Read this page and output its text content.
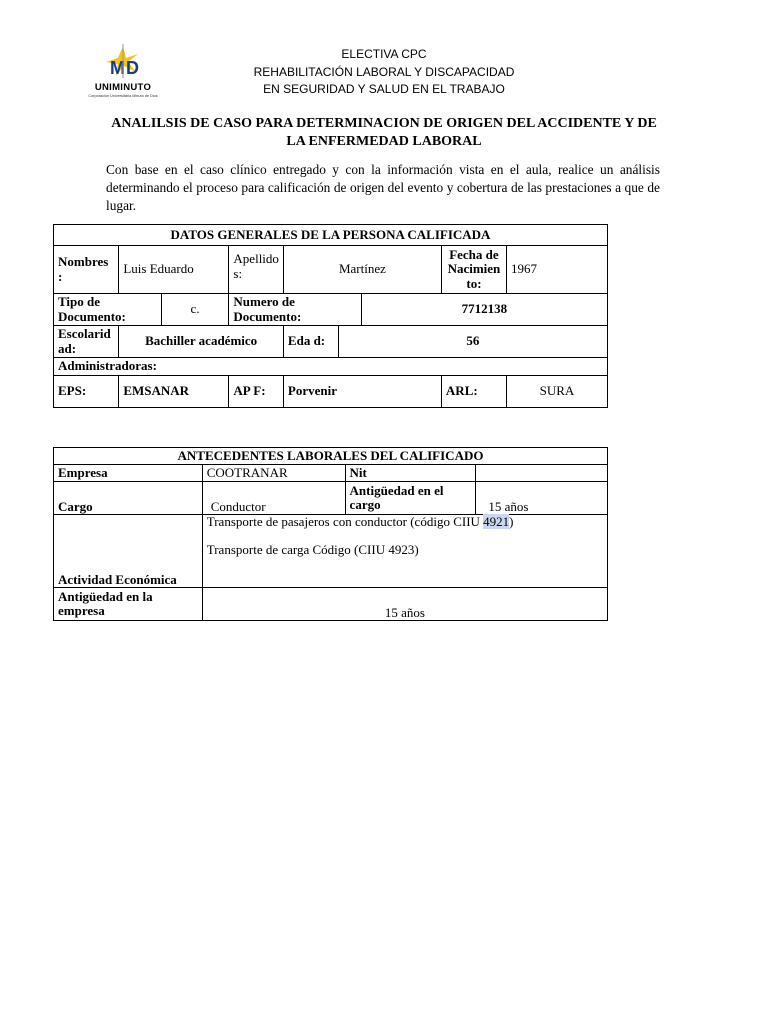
M D
UNIMINUTO
Corporación Universitaria Minuto de Dios
ELECTIVA CPC
REHABILITACIÓN LABORAL Y DISCAPACIDAD
EN SEGURIDAD Y SALUD EN EL TRABAJO
ANALILSIS DE CASO PARA DETERMINACION DE ORIGEN DEL ACCIDENTE Y DE
LA ENFERMEDAD LABORAL
Con base en el caso clínico entregado y con la información vista en el aula, realice un análisis determinando el proceso para calificación de origen del evento y cobertura de las prestaciones a que de lugar.
DATOS GENERALES DE LA PERSONA CALIFICADA								
Nombres :	Luis Eduardo		Apellido s:	Martínez			Fecha de Nacimien to:	1967
Tipo de Documento:		c.	Numero de Documento:			7712138		
Escolarid ad:	Bachiller académico			Eda d:	56			
Administradoras:								
EPS:	EMSANAR		AP F:	Porvenir			ARL:	SURA
ANTECEDENTES LABORALES DEL CALIFICADO			
Empresa	COOTRANAR	Nit	
Cargo	Conductor	Antigüedad en el cargo	15 años
Actividad Económica	Transporte de pasajeros con conductor (código CIIU 4921)
Transporte de carga Código (CIIU 4923)		

Antigüedad en la empresa	15 años		
